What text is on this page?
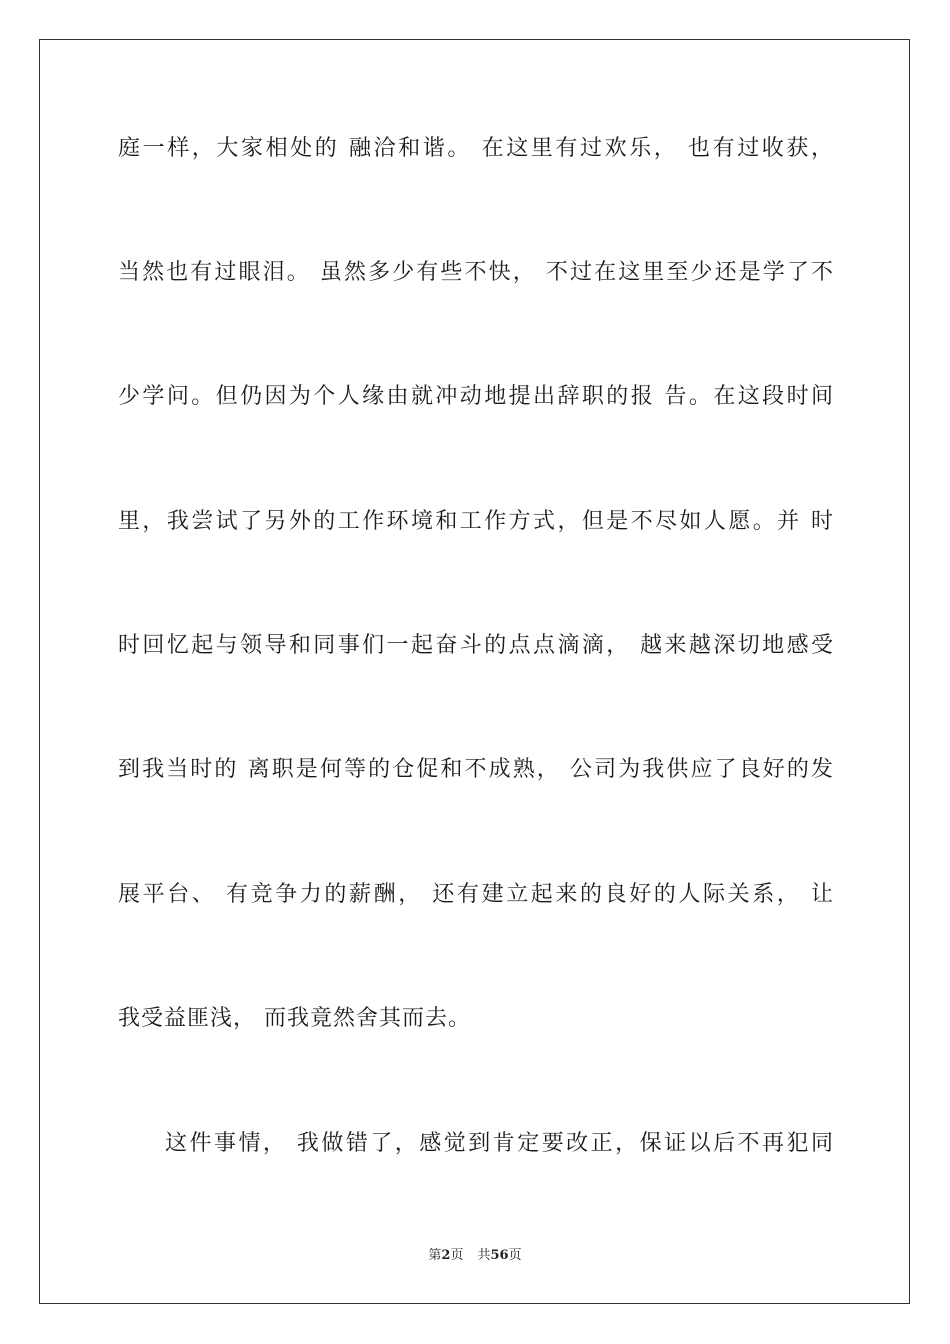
庭一样，大家相处的 融洽和谐。 在这里有过欢乐， 也有过收获，
当然也有过眼泪。 虽然多少有些不快， 不过在这里至少还是学了不
少学问。但仍因为个人缘由就冲动地提出辞职的报 告。在这段时间
里，我尝试了另外的工作环境和工作方式，但是不尽如人愿。并 时
时回忆起与领导和同事们一起奋斗的点点滴滴， 越来越深切地感受
到我当时的 离职是何等的仓促和不成熟， 公司为我供应了良好的发
展平台、 有竞争力的薪酬， 还有建立起来的良好的人际关系， 让
我受益匪浅， 而我竟然舍其而去。
这件事情， 我做错了，感觉到肯定要改正，保证以后不再犯同
第2页 共56页
